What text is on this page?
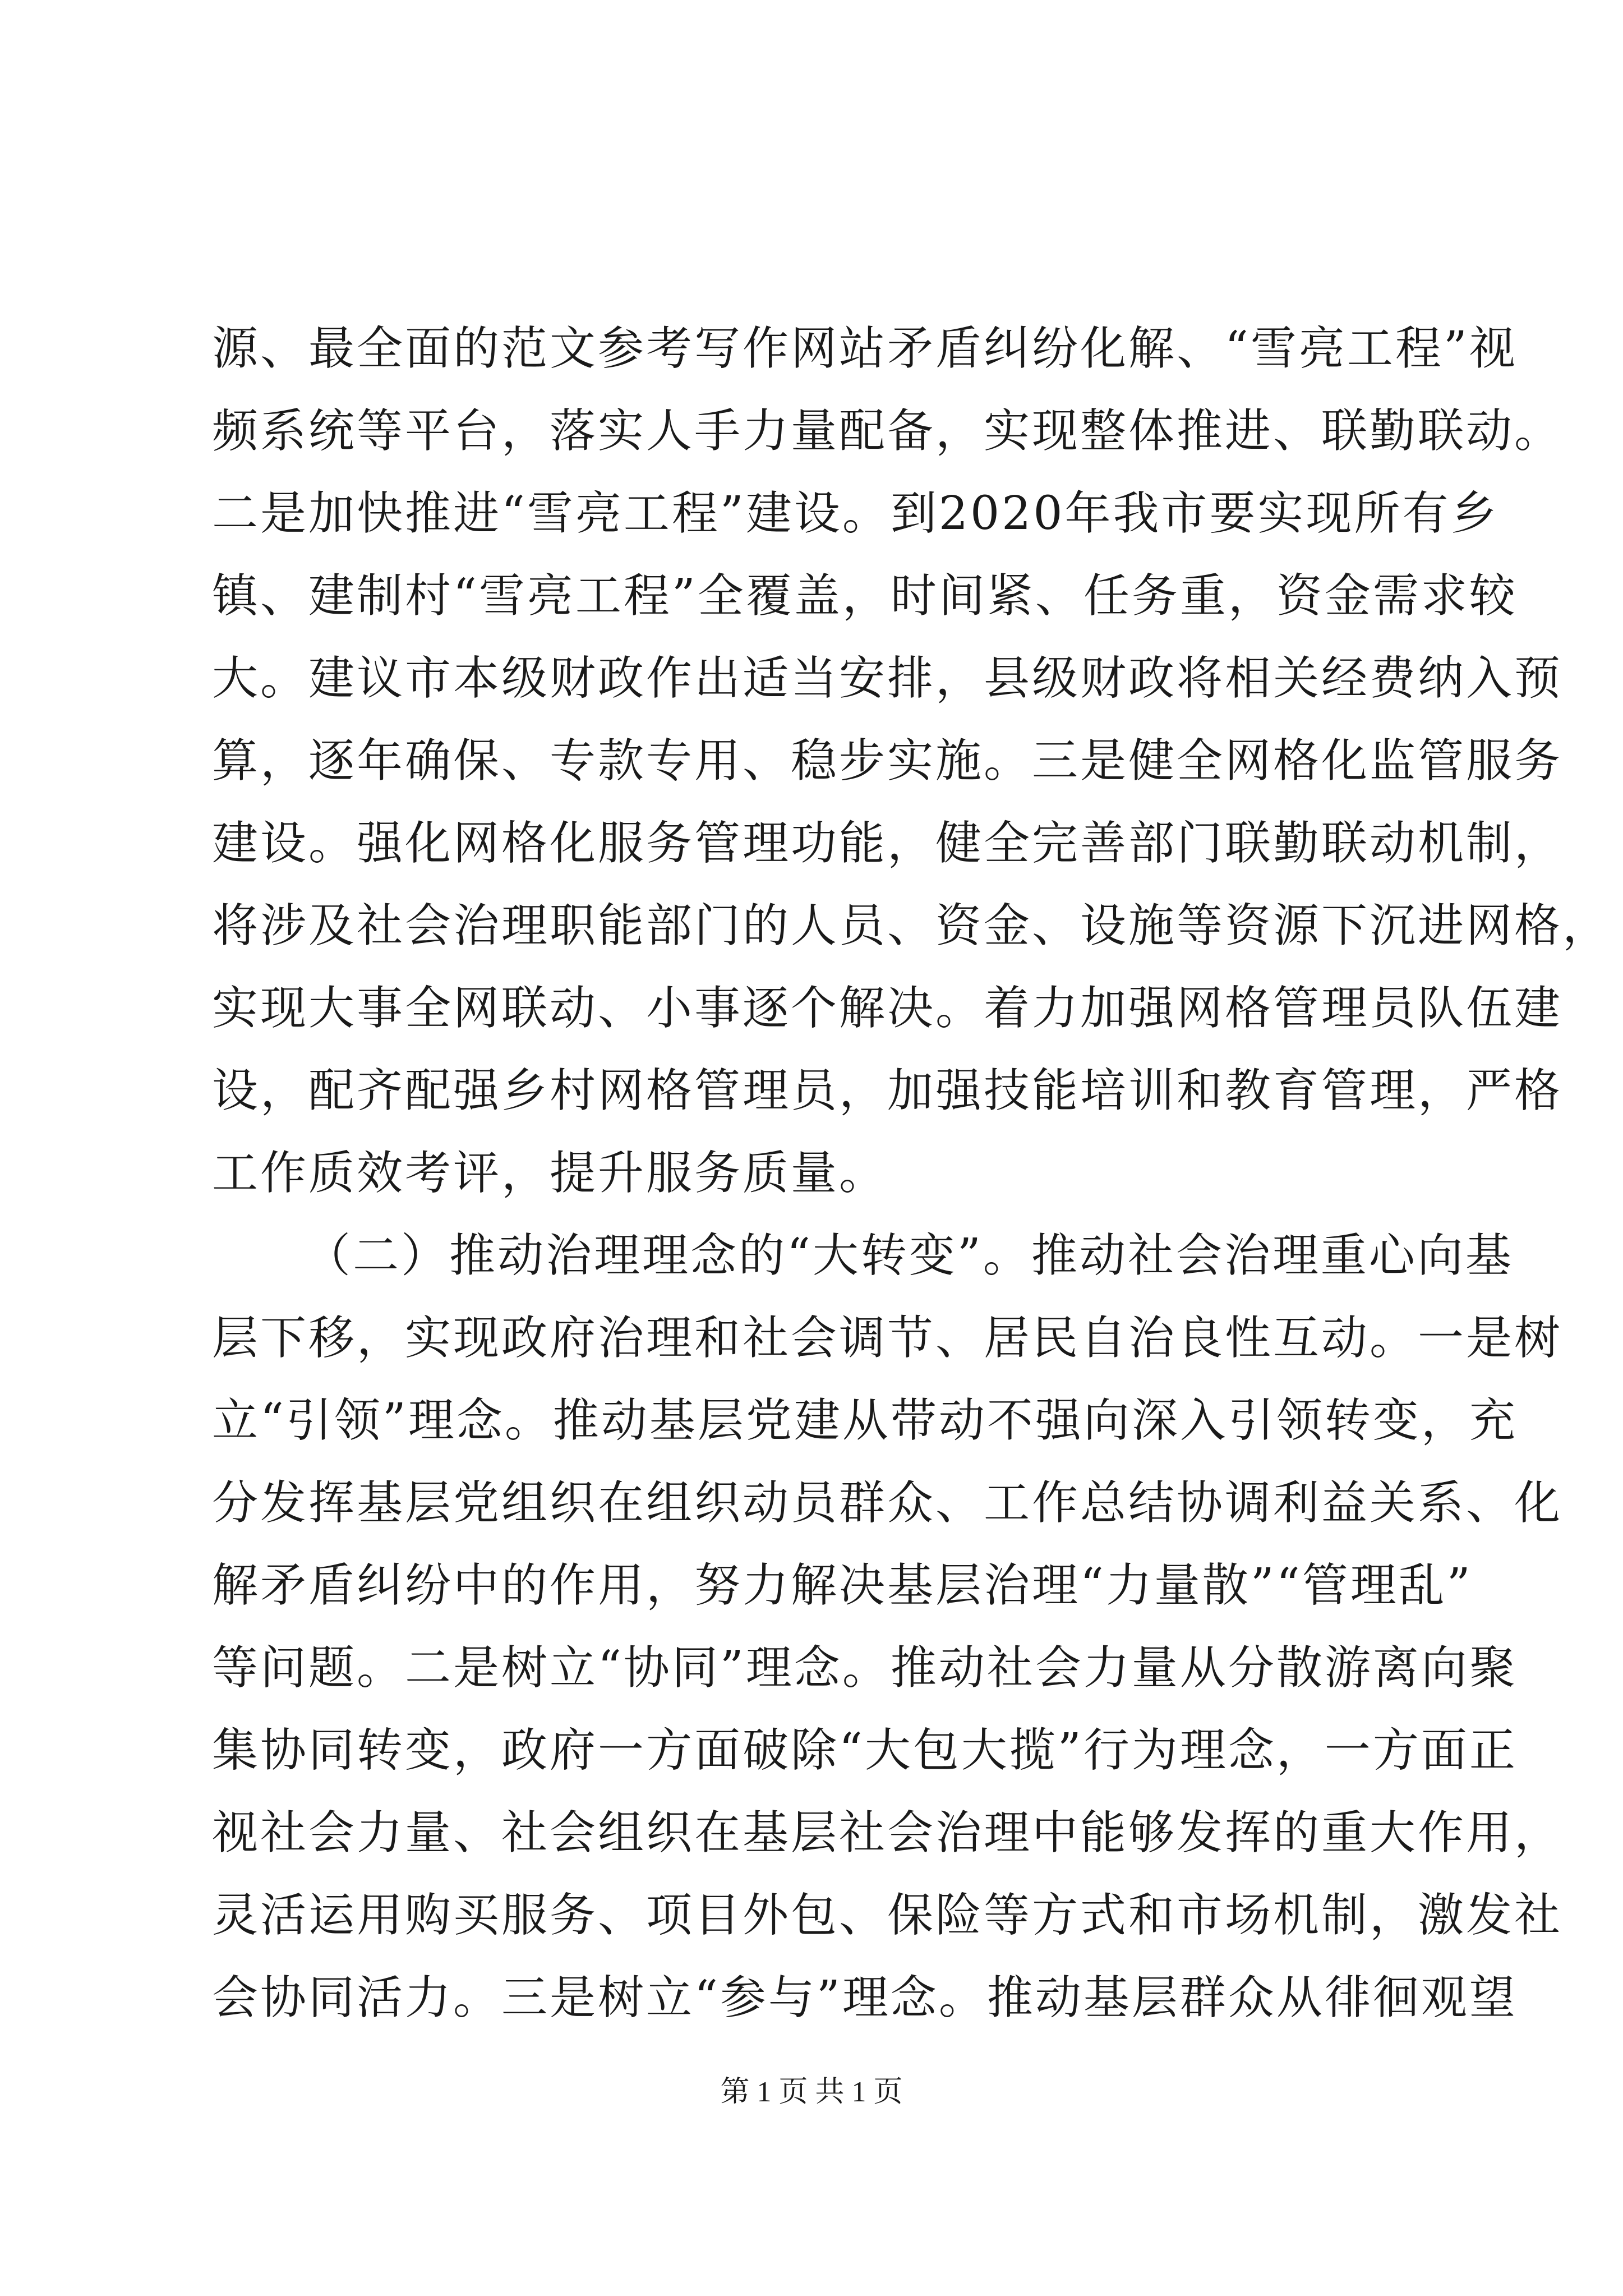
源、最全面的范文参考写作网站矛盾纠纷化解、“雪亮工程”视
频系统等平台，落实人手力量配备，实现整体推进、联勤联动。
二是加快推进“雪亮工程”建设。到2020年我市要实现所有乡
镇、建制村“雪亮工程”全覆盖，时间紧、任务重，资金需求较
大。建议市本级财政作出适当安排，县级财政将相关经费纳入预
算，逐年确保、专款专用、稳步实施。三是健全网格化监管服务
建设。强化网格化服务管理功能，健全完善部门联勤联动机制，
将涉及社会治理职能部门的人员、资金、设施等资源下沉进网格，
实现大事全网联动、小事逐个解决。着力加强网格管理员队伍建
设，配齐配强乡村网格管理员，加强技能培训和教育管理，严格
工作质效考评，提升服务质量。
（二）推动治理理念的“大转变”。推动社会治理重心向基
层下移，实现政府治理和社会调节、居民自治良性互动。一是树
立“引领”理念。推动基层党建从带动不强向深入引领转变，充
分发挥基层党组织在组织动员群众、工作总结协调利益关系、化
解矛盾纠纷中的作用，努力解决基层治理“力量散”“管理乱”
等问题。二是树立“协同”理念。推动社会力量从分散游离向聚
集协同转变，政府一方面破除“大包大揽”行为理念，一方面正
视社会力量、社会组织在基层社会治理中能够发挥的重大作用，
灵活运用购买服务、项目外包、保险等方式和市场机制，激发社
会协同活力。三是树立“参与”理念。推动基层群众从徘徊观望
第 1 页 共 1 页
